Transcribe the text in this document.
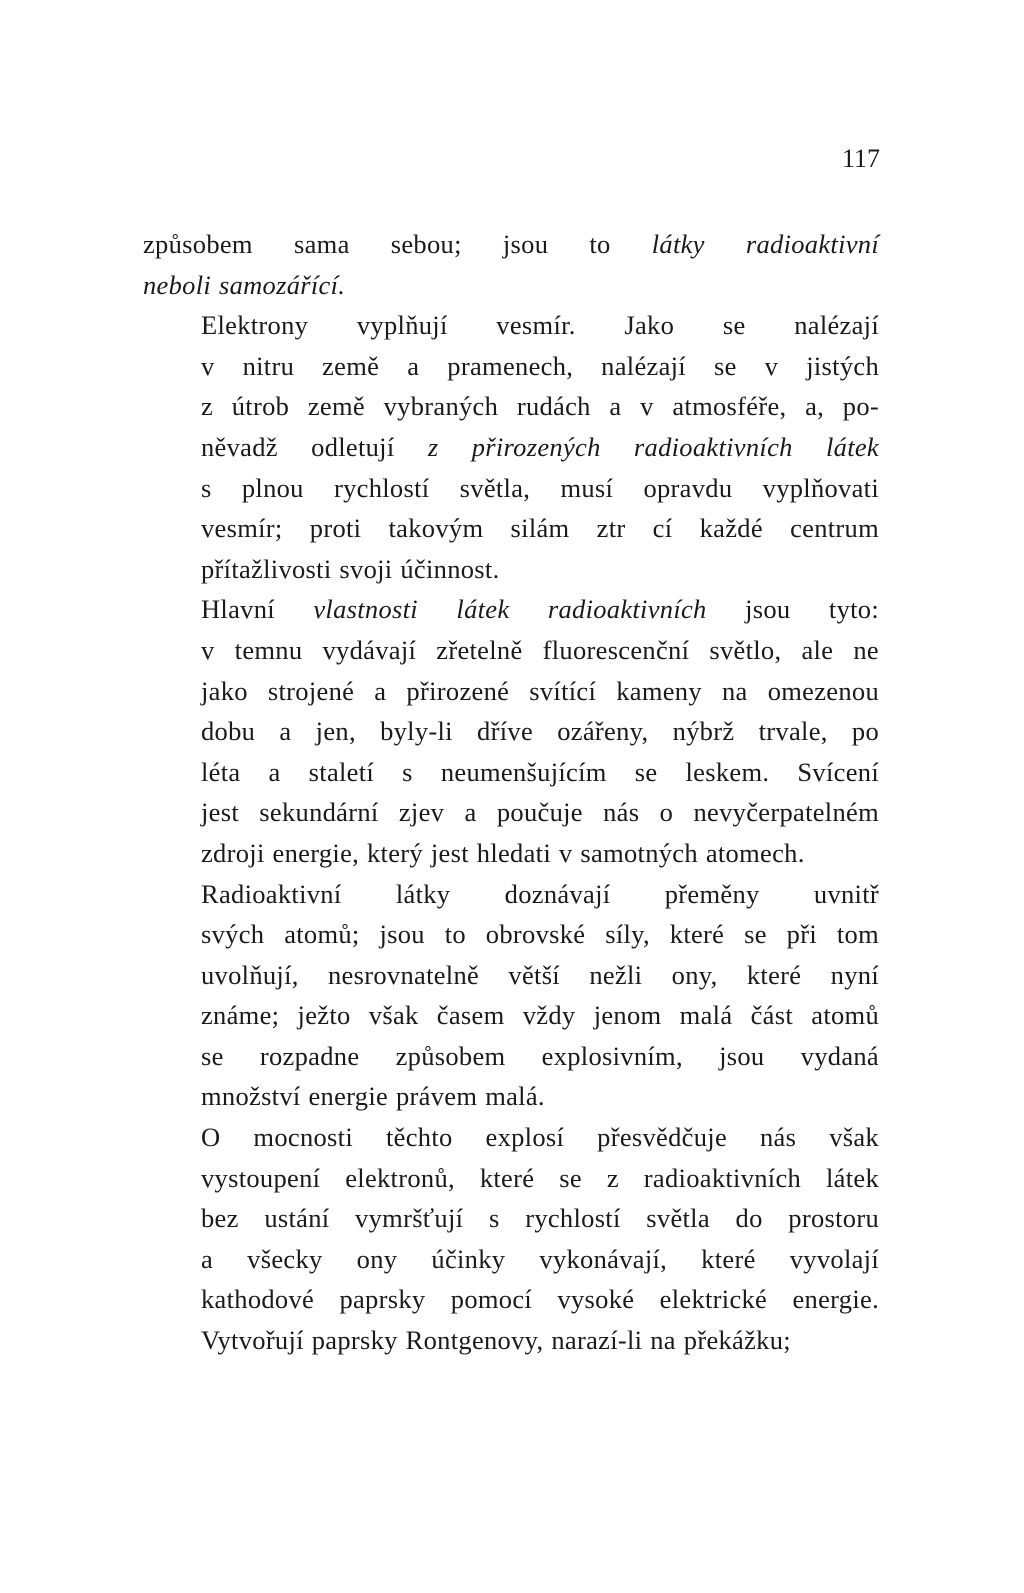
117

způsobem sama sebou; jsou to látky radioaktivní
neboli samozářící.

Elektrony vyplňují vesmír. Jako se nalézají
v nitru země a pramenech, nalézají se v jistých
z útrob země vybraných rudách a v atmosféře, a, po-
něvadž odletují z přirozených radioaktivních látek
s plnou rychlostí světla, musí opravdu vyplňovati
vesmír; proti takovým silám ztr cí každé centrum
přítažlivosti svoji účinnost.

Hlavní vlastnosti látek radioaktivních jsou tyto:
v temnu vydávají zřetelně fluorescenční světlo, ale ne
jako strojené a přirozené svítící kameny na omezenou
dobu a jen, byly-li dříve ozářeny, nýbrž trvale, po
léta a staletí s neumenšujícím se leskem. Svícení
jest sekundární zjev a poučuje nás o nevyčerpatelném
zdroji energie, který jest hledati v samotných atomech.

Radioaktivní látky doznávají přeměny uvnitř
svých atomů; jsou to obrovské síly, které se při tom
uvolňují, nesrovnatelně větší nežli ony, které nyní
známe; ježto však časem vždy jenom malá část atomů
se rozpadne způsobem explosivním, jsou vydaná
množství energie právem malá.

O mocnosti těchto explosí přesvědčuje nás však
vystoupení elektronů, které se z radioaktivních látek
bez ustání vymršťují s rychlostí světla do prostoru
a všecky ony účinky vykonávají, které vyvolají
kathodové paprsky pomocí vysoké elektrické energie.
Vytvořují paprsky Rontgenovy, narazí-li na překážku;
